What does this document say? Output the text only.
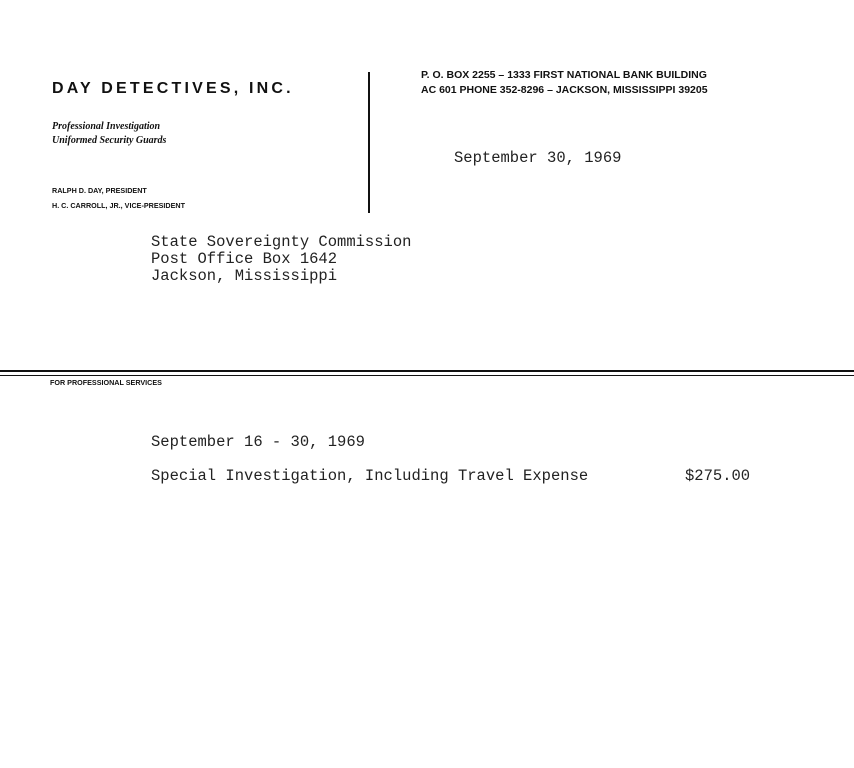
DAY DETECTIVES, INC.
Professional Investigation
Uniformed Security Guards
RALPH D. DAY, PRESIDENT
H. C. CARROLL, JR., VICE-PRESIDENT
P. O. BOX 2255 – 1333 FIRST NATIONAL BANK BUILDING
AC 601 PHONE 352-8296 – JACKSON, MISSISSIPPI 39205
September 30, 1969
State Sovereignty Commission
Post Office Box 1642
Jackson, Mississippi
FOR PROFESSIONAL SERVICES
September 16 - 30, 1969
Special Investigation, Including Travel Expense	$275.00
